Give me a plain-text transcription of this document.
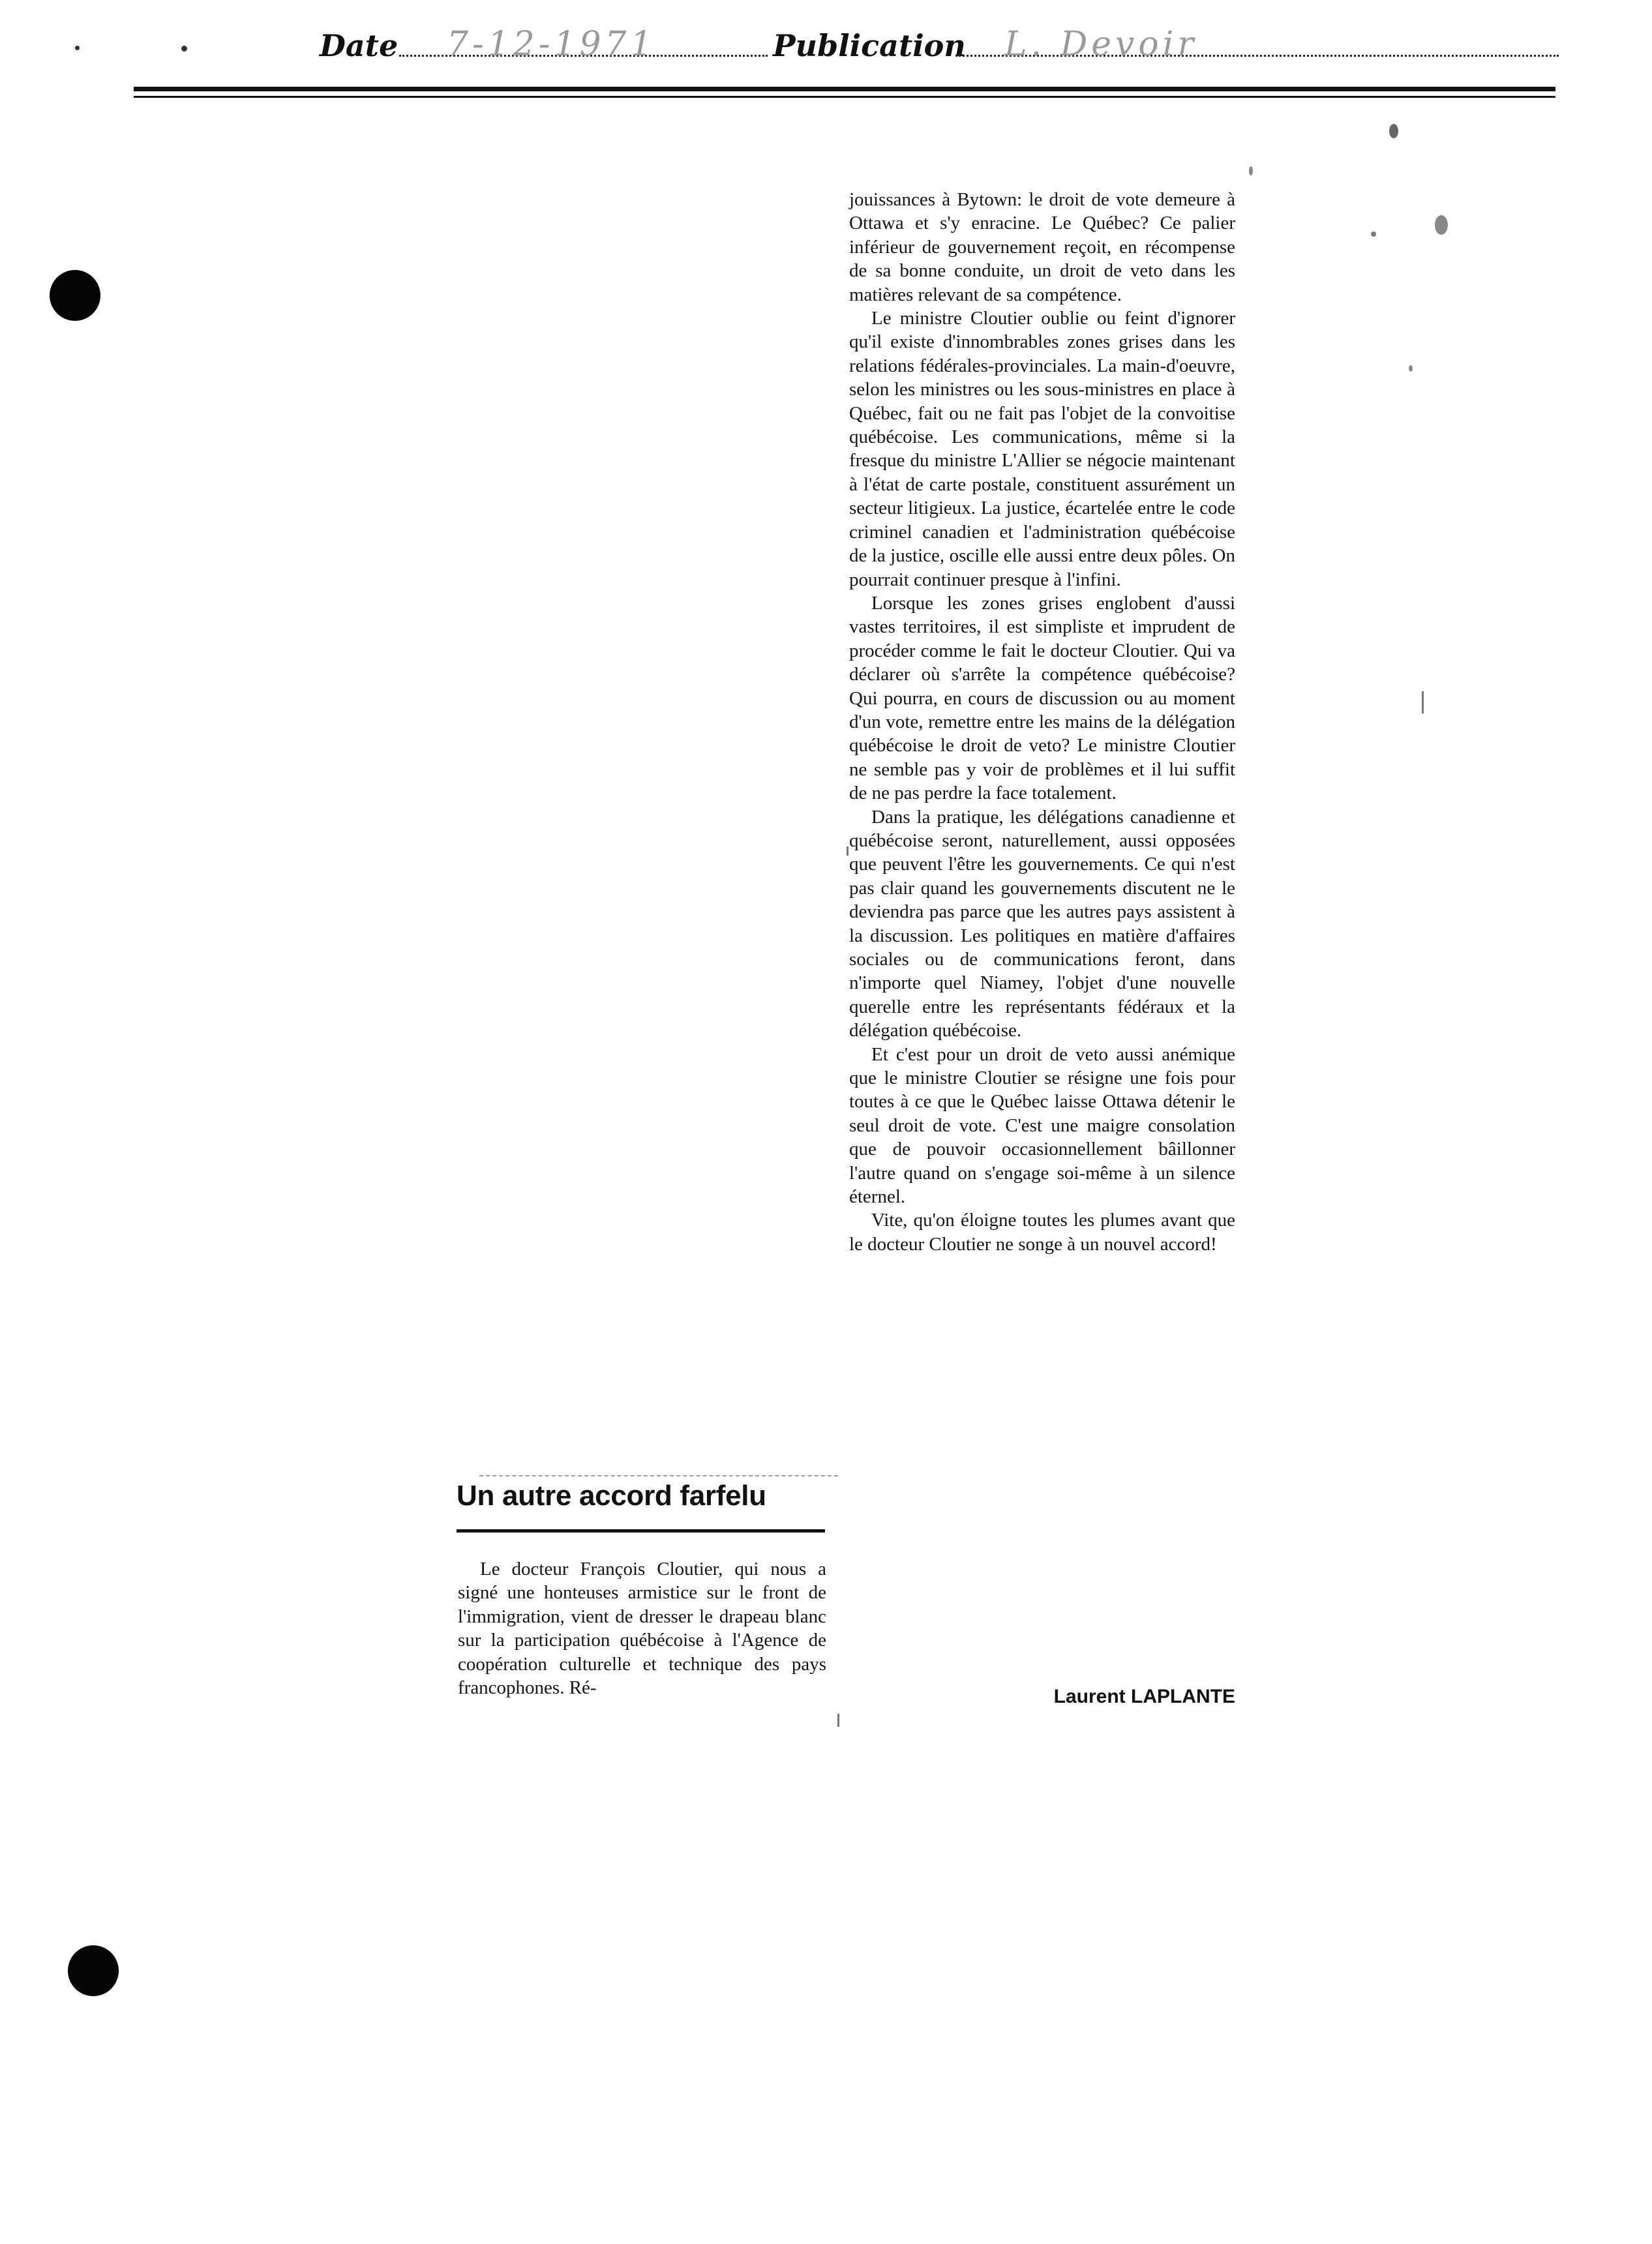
Date 7-12-1971	Publication L. Devoir

jouissances à Bytown: le droit de vote demeure à Ottawa et s'y enracine. Le Québec? Ce palier inférieur de gouvernement reçoit, en récompense de sa bonne conduite, un droit de veto dans les matières relevant de sa compétence.

Le ministre Cloutier oublie ou feint d'ignorer qu'il existe d'innombrables zones grises dans les relations fédérales-provinciales. La main-d'oeuvre, selon les ministres ou les sous-ministres en place à Québec, fait ou ne fait pas l'objet de la convoitise québécoise. Les communications, même si la fresque du ministre L'Allier se négocie maintenant à l'état de carte postale, constituent assurément un secteur litigieux. La justice, écartelée entre le code criminel canadien et l'administration québécoise de la justice, oscille elle aussi entre deux pôles. On pourrait continuer presque à l'infini.

Lorsque les zones grises englobent d'aussi vastes territoires, il est simpliste et imprudent de procéder comme le fait le docteur Cloutier. Qui va déclarer où s'arrête la compétence québécoise? Qui pourra, en cours de discussion ou au moment d'un vote, remettre entre les mains de la délégation québécoise le droit de veto? Le ministre Cloutier ne semble pas y voir de problèmes et il lui suffit de ne pas perdre la face totalement.

Dans la pratique, les délégations canadienne et québécoise seront, naturellement, aussi opposées que peuvent l'être les gouvernements. Ce qui n'est pas clair quand les gouvernements discutent ne le deviendra pas parce que les autres pays assistent à la discussion. Les politiques en matière d'affaires sociales ou de communications feront, dans n'importe quel Niamey, l'objet d'une nouvelle querelle entre les représentants fédéraux et la délégation québécoise.

Et c'est pour un droit de veto aussi anémique que le ministre Cloutier se résigne une fois pour toutes à ce que le Québec laisse Ottawa détenir le seul droit de vote. C'est une maigre consolation que de pouvoir occasionnellement bâillonner l'autre quand on s'engage soi-même à un silence éternel.

Vite, qu'on éloigne toutes les plumes avant que le docteur Cloutier ne songe à un nouvel accord!

Laurent LAPLANTE
Un autre accord farfelu

Le docteur François Cloutier, qui nous a signé une honteuses armistice sur le front de l'immigration, vient de dresser le drapeau blanc sur la participation québécoise à l'Agence de coopération culturelle et technique des pays francophones. Ré-
